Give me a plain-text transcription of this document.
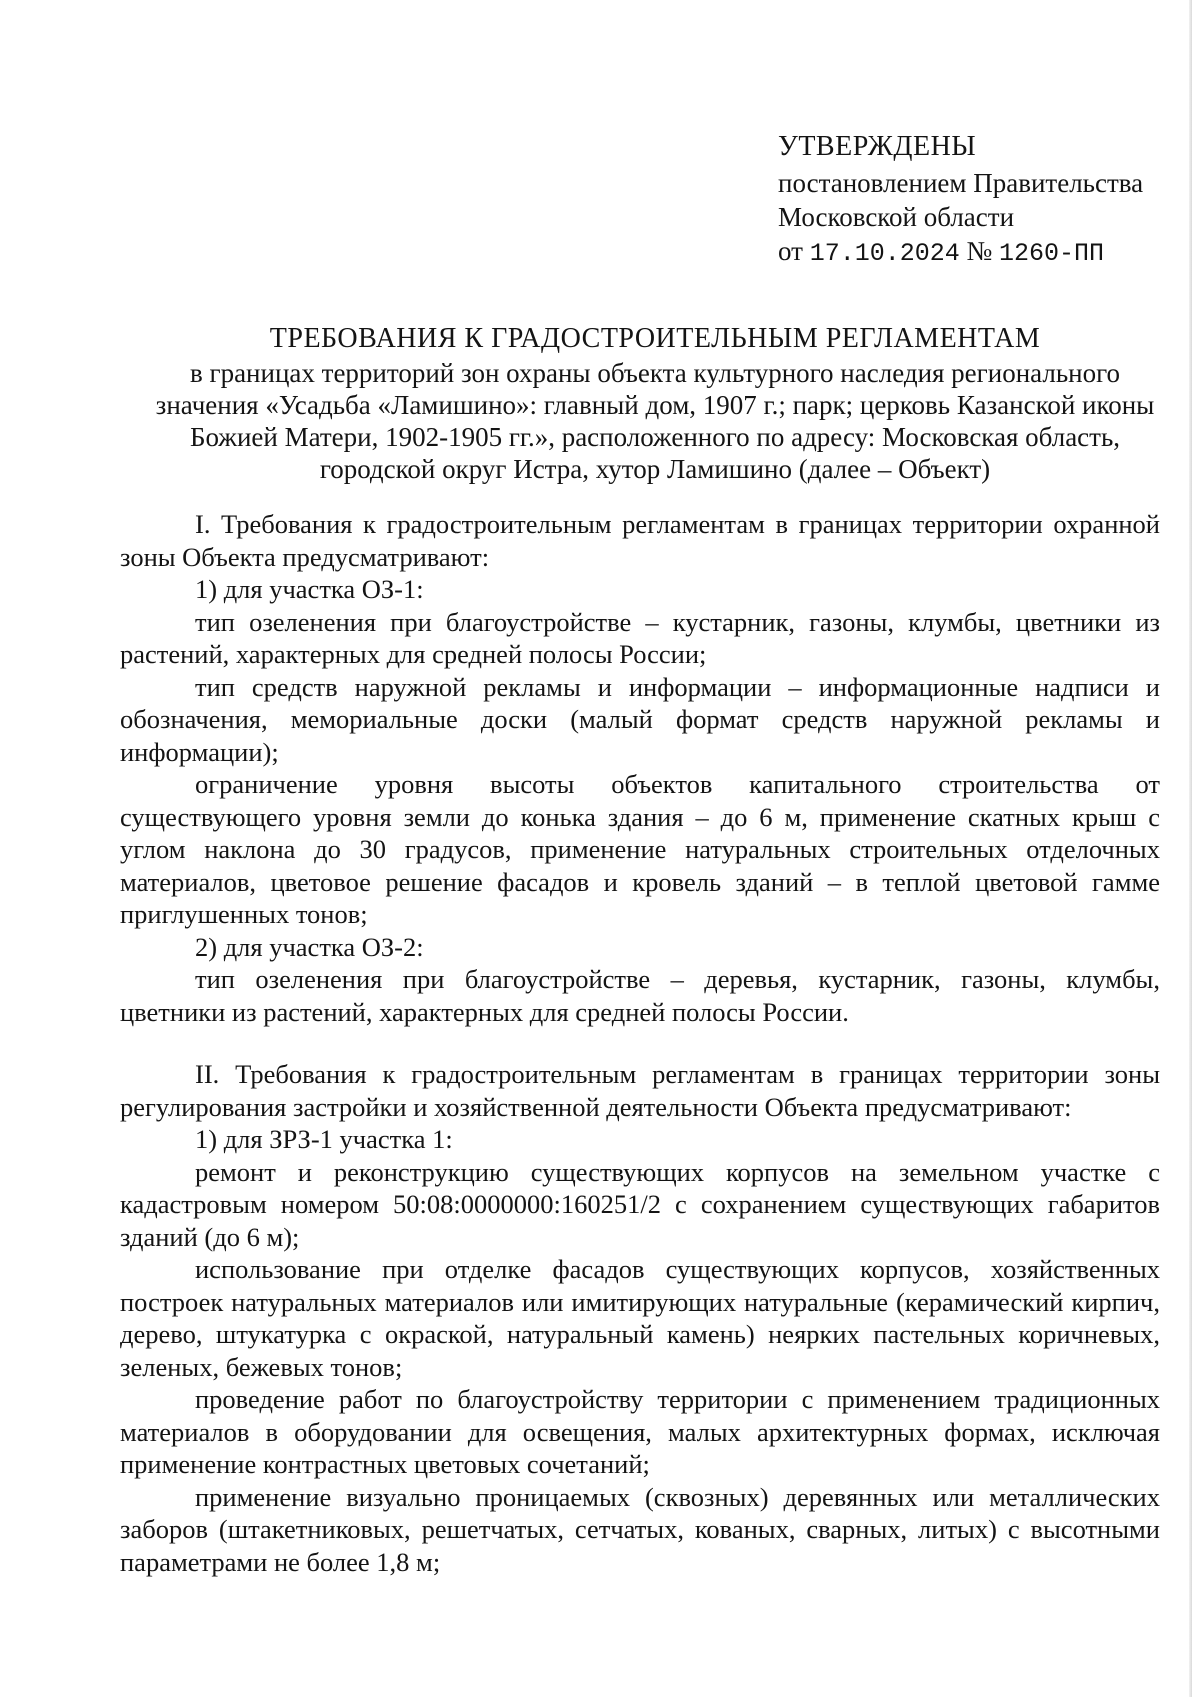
УТВЕРЖДЕНЫ
постановлением Правительства
Московской области
от 17.10.2024 № 1260-ПП
ТРЕБОВАНИЯ К ГРАДОСТРОИТЕЛЬНЫМ РЕГЛАМЕНТАМ
в границах территорий зон охраны объекта культурного наследия регионального значения «Усадьба «Ламишино»: главный дом, 1907 г.; парк; церковь Казанской иконы Божией Матери, 1902-1905 гг.», расположенного по адресу: Московская область, городской округ Истра, хутор Ламишино (далее – Объект)

I. Требования к градостроительным регламентам в границах территории охранной зоны Объекта предусматривают:

1) для участка ОЗ-1:

тип озеленения при благоустройстве – кустарник, газоны, клумбы, цветники из растений, характерных для средней полосы России;

тип средств наружной рекламы и информации – информационные надписи и обозначения, мемориальные доски (малый формат средств наружной рекламы и информации);

ограничение уровня высоты объектов капитального строительства от существующего уровня земли до конька здания – до 6 м, применение скатных крыш с углом наклона до 30 градусов, применение натуральных строительных отделочных материалов, цветовое решение фасадов и кровель зданий – в теплой цветовой гамме приглушенных тонов;

2) для участка ОЗ-2:

тип озеленения при благоустройстве – деревья, кустарник, газоны, клумбы, цветники из растений, характерных для средней полосы России.

II. Требования к градостроительным регламентам в границах территории зоны регулирования застройки и хозяйственной деятельности Объекта предусматривают:

1) для ЗРЗ-1 участка 1:

ремонт и реконструкцию существующих корпусов на земельном участке с кадастровым номером 50:08:0000000:160251/2 с сохранением существующих габаритов зданий (до 6 м);

использование при отделке фасадов существующих корпусов, хозяйственных построек натуральных материалов или имитирующих натуральные (керамический кирпич, дерево, штукатурка с окраской, натуральный камень) неярких пастельных коричневых, зеленых, бежевых тонов;

проведение работ по благоустройству территории с применением традиционных материалов в оборудовании для освещения, малых архитектурных формах, исключая применение контрастных цветовых сочетаний;

применение визуально проницаемых (сквозных) деревянных или металлических заборов (штакетниковых, решетчатых, сетчатых, кованых, сварных, литых) с высотными параметрами не более 1,8 м;
